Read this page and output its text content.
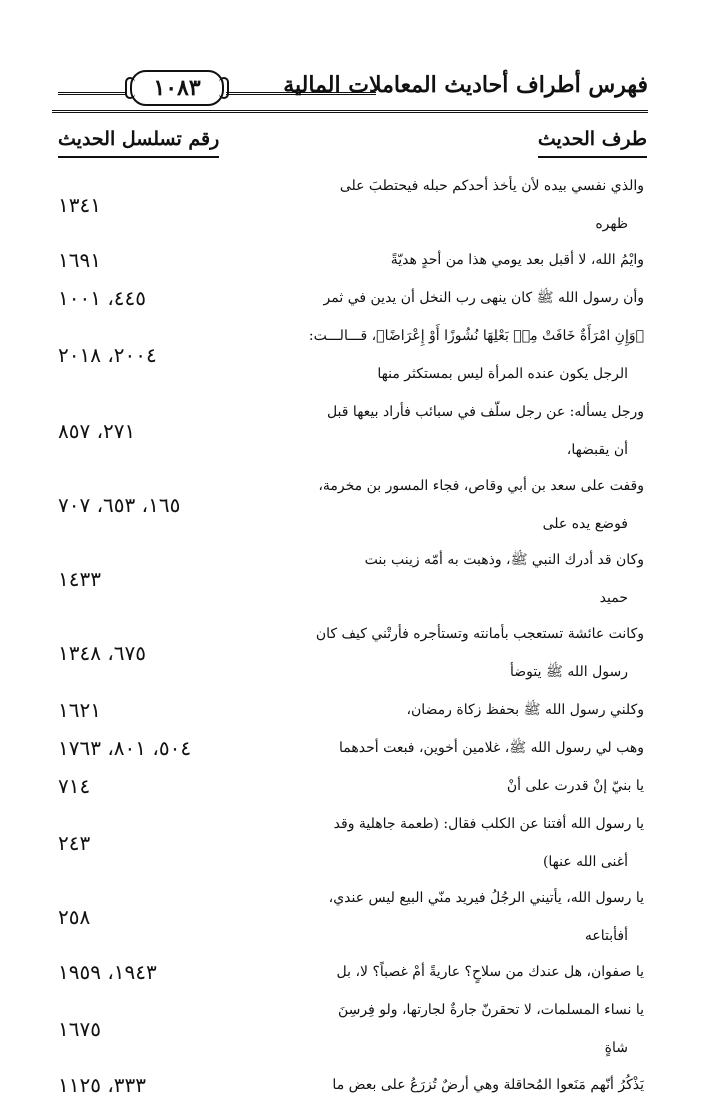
١٠٨٣	فهرس أطراف أحاديث المعاملات المالية
طرف الحديث
رقم تسلسل الحديث
والذي نفسي بيده لأن يأخذ أحدكم حبله فيحتطبَ على
ظهره
١٣٤١
وايْمُ الله، لا أقبل بعد يومي هذا من أحدٍ هديّةً
١٦٩١
وأن رسول الله ﷺ كان ينهى رب النخل أن يدين في ثمر
٤٤٥، ١٠٠١
﴿وَإِنِ امْرَأَةٌ خَافَتْ مِنۢ بَعْلِهَا نُشُوزًا أَوْ إِعْرَاضًا﴾، قـــالـــت:
الرجل يكون عنده المرأة ليس بمستكثر منها
٢٠٠٤، ٢٠١٨
ورجل يسأله: عن رجل سلّف في سبائب فأراد بيعها قبل
أن يقبضها،
٢٧١، ٨٥٧
وقفت على سعد بن أبي وقاص، فجاء المسور بن مخرمة،
فوضع يده على
١٦٥، ٦٥٣، ٧٠٧
وكان قد أدرك النبي ﷺ، وذهبت به أمّه زينب بنت
حميد
١٤٣٣
وكانت عائشة تستعجب بأمانته وتستأجره فأرتْني كيف كان
رسول الله ﷺ يتوضأ
٦٧٥، ١٣٤٨
وكلني رسول الله ﷺ بحفظ زكاة رمضان،
١٦٢١
وهب لي رسول الله ﷺ، غلامين أخوين، فبعت أحدهما
٥٠٤، ٨٠١، ١٧٦٣
يا بنيّ إنْ قدرت على أنْ
٧١٤
يا رسول الله أفتنا عن الكلب فقال: (طعمة جاهلية وقد
أغنى الله عنها)
٢٤٣
يا رسول الله، يأتيني الرجُلُ فيريد منّي البيع ليس عندي،
أفأبتاعه
٢٥٨
يا صفوان، هل عندك من سلاحٍ؟ عاريةً أمْ غصباً؟ لا، بل
١٩٤٣، ١٩٥٩
يا نساء المسلمات، لا تحقرنّ جارةٌ لجارتها، ولو فِرسِنَ
شاةٍ
١٦٧٥
يَذْكُرُ أنّهم مَنَعوا المُحاقلة وهي أرضٌ تُزرَعُ على بعض ما
٣٣٣، ١١٢٥
